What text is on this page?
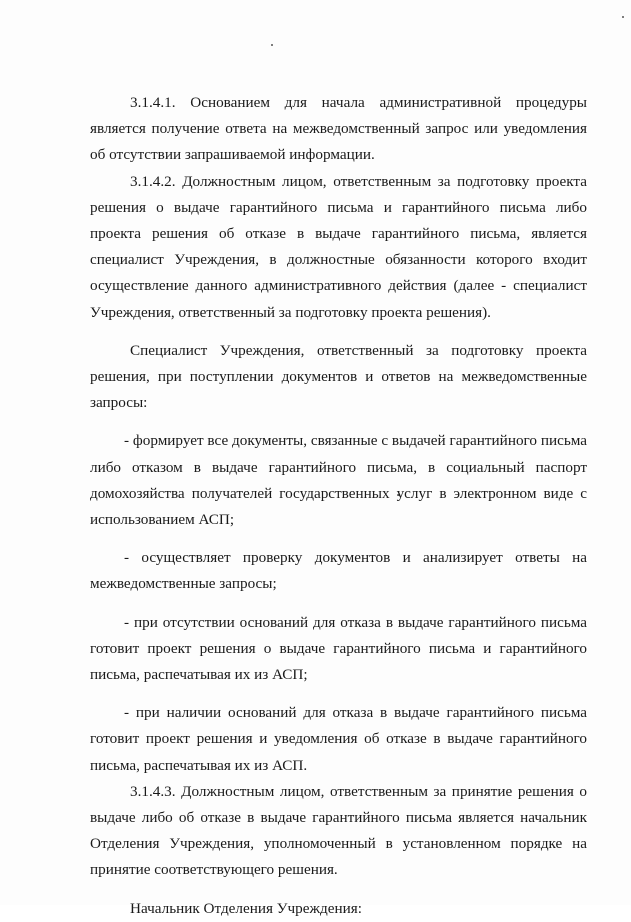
3.1.4.1. Основанием для начала административной процедуры является получение ответа на межведомственный запрос или уведомления об отсутствии запрашиваемой информации.

3.1.4.2. Должностным лицом, ответственным за подготовку проекта решения о выдаче гарантийного письма и гарантийного письма либо проекта решения об отказе в выдаче гарантийного письма, является специалист Учреждения, в должностные обязанности которого входит осуществление данного административного действия (далее - специалист Учреждения, ответственный за подготовку проекта решения).

Специалист Учреждения, ответственный за подготовку проекта решения, при поступлении документов и ответов на межведомственные запросы:

- формирует все документы, связанные с выдачей гарантийного письма либо отказом в выдаче гарантийного письма, в социальный паспорт домохозяйства получателей государственных услуг в электронном виде с использованием АСП;

- осуществляет проверку документов и анализирует ответы на межведомственные запросы;

- при отсутствии оснований для отказа в выдаче гарантийного письма готовит проект решения о выдаче гарантийного письма и гарантийного письма, распечатывая их из АСП;

- при наличии оснований для отказа в выдаче гарантийного письма готовит проект решения и уведомления об отказе в выдаче гарантийного письма, распечатывая их из АСП.

3.1.4.3. Должностным лицом, ответственным за принятие решения о выдаче либо об отказе в выдаче гарантийного письма является начальник Отделения Учреждения, уполномоченный в установленном порядке на принятие соответствующего решения.

Начальник Отделения Учреждения:
